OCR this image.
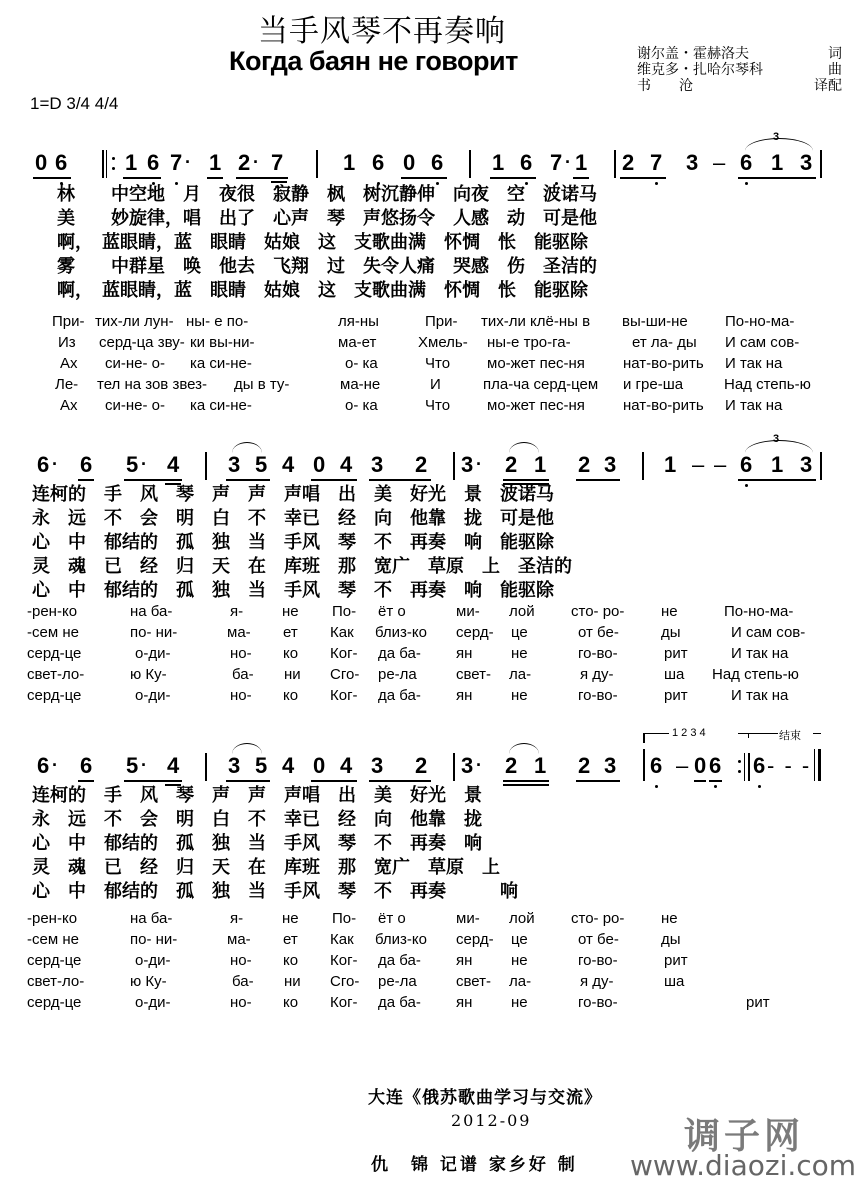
当手风琴不再奏响
Когда баян не говорит	谢尔盖・霍赫洛夫	词
维克多・扎哈尔琴科	曲
书　　沧	译配
1=D 3/4 4/4
0 6	1 6 7 · 1 2 · 7	1 6 0 6 1 6 7 · 1 2 7 3 – 6 1 3
3
林　　中空地　月　夜很　寂静　枫　树沉静伸　向夜　空　波诺马
美　　妙旋律，唱　出了　心声　琴　声悠扬令　人感　动　可是他
啊，　蓝眼睛，蓝　眼睛　姑娘　这　支歌曲满　怀惆　怅　能驱除
雾　　中群星　唤　他去　飞翔　过　失令人痛　哭感　伤　圣洁的
啊，　蓝眼睛，蓝　眼睛　姑娘　这　支歌曲满　怀惆　怅　能驱除
При- тих-ли лун- ны- е по-	ля-ны	При- тих-ли клё-ны в вы-ши-не По-но-ма-
Из серд-ца зву- ки вы-ни-	ма-ет	Хмель- ны-е тро-га-	ет ла- ды И сам сов-
Ах си-не- о- ка си-не-	о- ка	Что мо-жет пес-ня	нат-во-рить И так на
Ле- тел на зов звез- ды в ту-	ма-не	И	пла-ча серд-цем и гре-ша	Над степь-ю
Ах си-не- о- ка си-не-	о- ка	Что мо-жет пес-ня	нат-во-рить И так на
6 · 6 5 · 4 3 5 4 0 4 3 2 3 · 2 1 2 3 1 – – 6 1 3
3
连柯的　手　风　琴　声　声　声唱　出　美　好光　景　波诺马
永　远　不　会　明　白　不　幸已　经　向　他靠　拢　可是他
心　中　郁结的　孤　独　当　手风　琴　不　再奏　响　能驱除
灵　魂　已　经　归　天　在　库班　那　宽广　草原　上　圣洁的
心　中　郁结的　孤　独　当　手风　琴　不　再奏　响　能驱除
-рен-ко	на ба-	я-	не По- ёт о	ми- лой сто- ро- не	По-но-ма-
-сем не	по- ни-	ма- ет Как близ-ко серд- це	от бе-	ды	И сам сов-
серд-це	о-ди-	но- ко Ког- да ба- ян	не	го-во-	рит	И так на
свет-ло-	ю Ку-	ба- ни Сго- ре-ла	свет- ла-	я ду-	ша Над степь-ю
серд-це	о-ди-	но- ко Ког- да ба- ян	не	го-во-	рит	И так на
1 2 3 4	结束
6 · 6 5 · 4 3 5 4 0 4 3 2 3 · 2 1 2 3 6 – 0 6 6 - - -
连柯的　手　风　琴　声　声　声唱　出　美　好光　景
永　远　不　会　明　白　不　幸已　经　向　他靠　拢
心　中　郁结的　孤　独　当　手风　琴　不　再奏　响
灵　魂　已　经　归　天　在　库班　那　宽广　草原　上
心　中　郁结的　孤　独　当　手风　琴　不　再奏　　　响
-рен-ко	на ба-	я-	не По- ёт о	ми- лой сто- ро- не
-сем не	по- ни-	ма- ет Как близ-ко серд- це	от бе-	ды
серд-це	о-ди-	но- ко Ког- да ба- ян	не	го-во-	рит
свет-ло-	ю Ку-	ба- ни Сго- ре-ла	свет- ла-	я ду-	ша
серд-це	о-ди-	но- ко Ког- да ба- ян	не	го-во-	рит
大连《俄苏歌曲学习与交流》
2012-09
仇　锦 记谱 家乡好 制
调子网
www.diaozi.com
